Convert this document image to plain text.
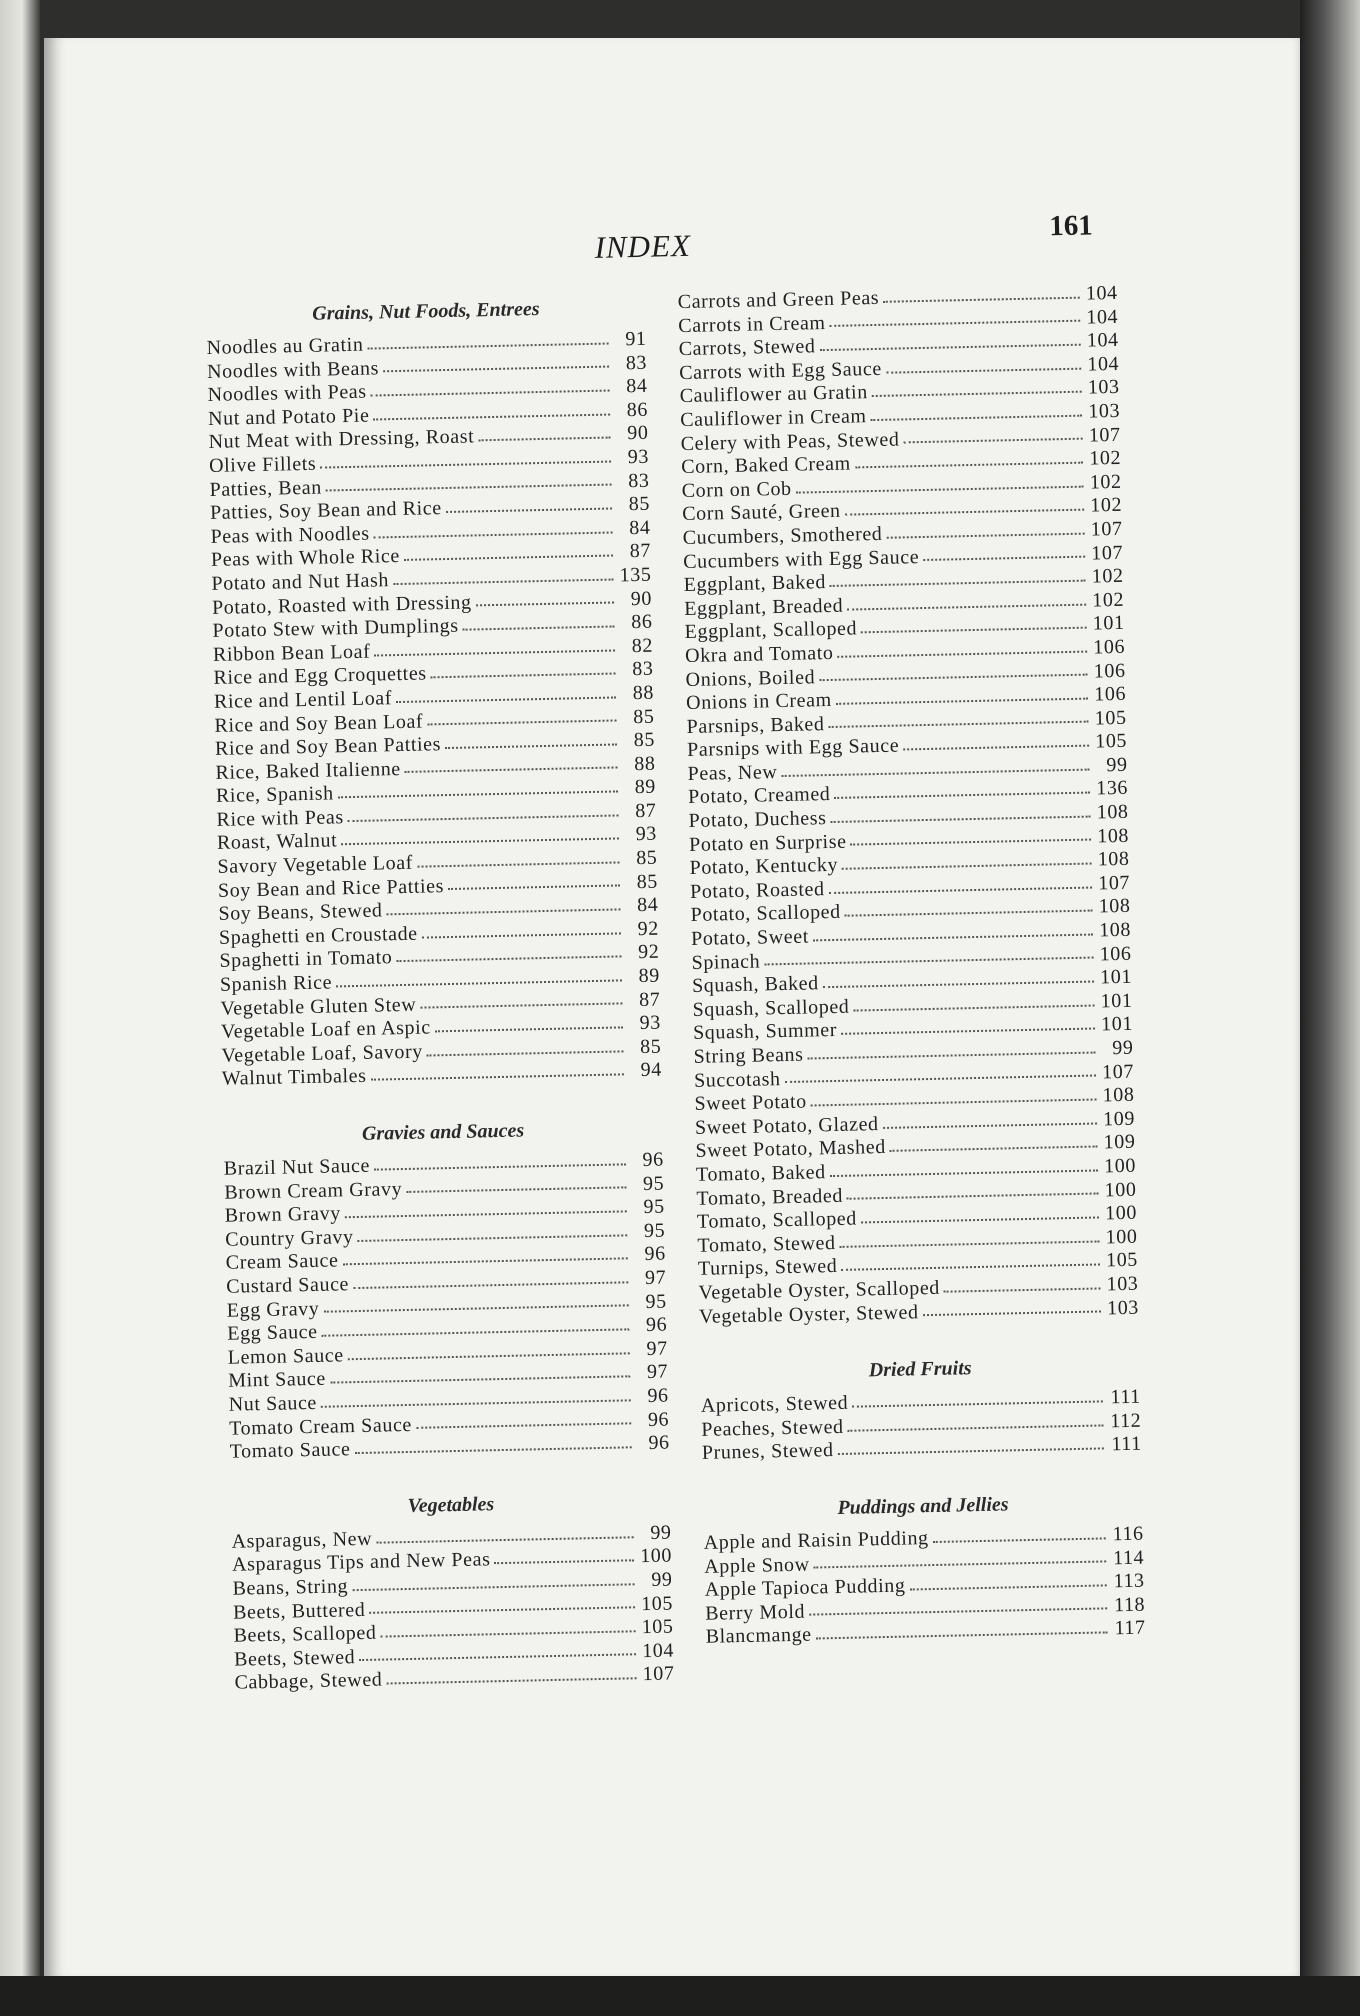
INDEX
161
Grains, Nut Foods, Entrees
Noodles au Gratin	91
Noodles with Beans	83
Noodles with Peas	84
Nut and Potato Pie	86
Nut Meat with Dressing, Roast	90
Olive Fillets	93
Patties, Bean	83
Patties, Soy Bean and Rice	85
Peas with Noodles	84
Peas with Whole Rice	87
Potato and Nut Hash	135
Potato, Roasted with Dressing	90
Potato Stew with Dumplings	86
Ribbon Bean Loaf	82
Rice and Egg Croquettes	83
Rice and Lentil Loaf	88
Rice and Soy Bean Loaf	85
Rice and Soy Bean Patties	85
Rice, Baked Italienne	88
Rice, Spanish	89
Rice with Peas	87
Roast, Walnut	93
Savory Vegetable Loaf	85
Soy Bean and Rice Patties	85
Soy Beans, Stewed	84
Spaghetti en Croustade	92
Spaghetti in Tomato	92
Spanish Rice	89
Vegetable Gluten Stew	87
Vegetable Loaf en Aspic	93
Vegetable Loaf, Savory	85
Walnut Timbales	94
Gravies and Sauces
Brazil Nut Sauce	96
Brown Cream Gravy	95
Brown Gravy	95
Country Gravy	95
Cream Sauce	96
Custard Sauce	97
Egg Gravy	95
Egg Sauce	96
Lemon Sauce	97
Mint Sauce	97
Nut Sauce	96
Tomato Cream Sauce	96
Tomato Sauce	96
Vegetables
Asparagus, New	99
Asparagus Tips and New Peas	100
Beans, String	99
Beets, Buttered	105
Beets, Scalloped	105
Beets, Stewed	104
Cabbage, Stewed	107
Carrots and Green Peas	104
Carrots in Cream	104
Carrots, Stewed	104
Carrots with Egg Sauce	104
Cauliflower au Gratin	103
Cauliflower in Cream	103
Celery with Peas, Stewed	107
Corn, Baked Cream	102
Corn on Cob	102
Corn Sauté, Green	102
Cucumbers, Smothered	107
Cucumbers with Egg Sauce	107
Eggplant, Baked	102
Eggplant, Breaded	102
Eggplant, Scalloped	101
Okra and Tomato	106
Onions, Boiled	106
Onions in Cream	106
Parsnips, Baked	105
Parsnips with Egg Sauce	105
Peas, New	99
Potato, Creamed	136
Potato, Duchess	108
Potato en Surprise	108
Potato, Kentucky	108
Potato, Roasted	107
Potato, Scalloped	108
Potato, Sweet	108
Spinach	106
Squash, Baked	101
Squash, Scalloped	101
Squash, Summer	101
String Beans	99
Succotash	107
Sweet Potato	108
Sweet Potato, Glazed	109
Sweet Potato, Mashed	109
Tomato, Baked	100
Tomato, Breaded	100
Tomato, Scalloped	100
Tomato, Stewed	100
Turnips, Stewed	105
Vegetable Oyster, Scalloped	103
Vegetable Oyster, Stewed	103
Dried Fruits
Apricots, Stewed	111
Peaches, Stewed	112
Prunes, Stewed	111
Puddings and Jellies
Apple and Raisin Pudding	116
Apple Snow	114
Apple Tapioca Pudding	113
Berry Mold	118
Blancmange	117
